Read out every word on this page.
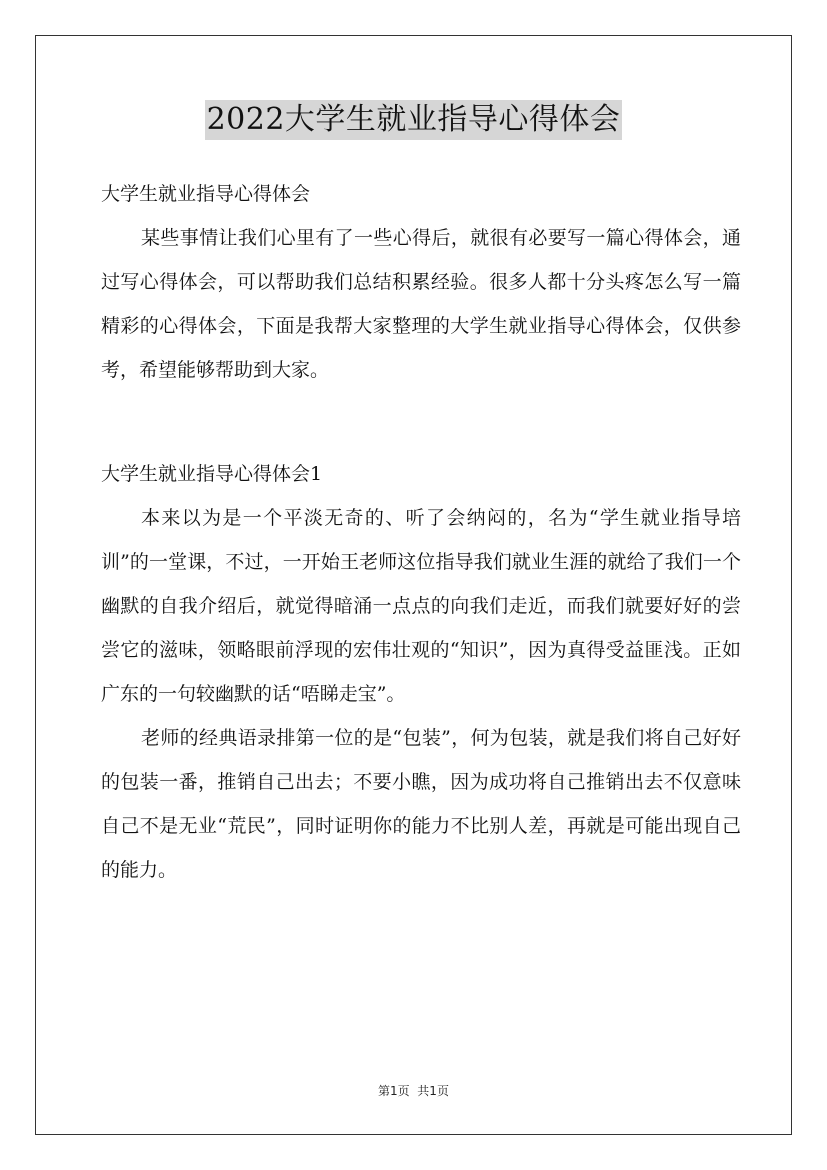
2022大学生就业指导心得体会
大学生就业指导心得体会

某些事情让我们心里有了一些心得后，就很有必要写一篇心得体会，通过写心得体会，可以帮助我们总结积累经验。很多人都十分头疼怎么写一篇精彩的心得体会，下面是我帮大家整理的大学生就业指导心得体会，仅供参考，希望能够帮助到大家。

大学生就业指导心得体会1

本来以为是一个平淡无奇的、听了会纳闷的，名为“学生就业指导培训”的一堂课，不过，一开始王老师这位指导我们就业生涯的就给了我们一个幽默的自我介绍后，就觉得暗涌一点点的向我们走近，而我们就要好好的尝尝它的滋味，领略眼前浮现的宏伟壮观的“知识”，因为真得受益匪浅。正如广东的一句较幽默的话“唔睇走宝”。

老师的经典语录排第一位的是“包装”，何为包装，就是我们将自己好好的包装一番，推销自己出去；不要小瞧，因为成功将自己推销出去不仅意味自己不是无业“荒民”，同时证明你的能力不比别人差，再就是可能出现自己的能力。

第1页  共1页
